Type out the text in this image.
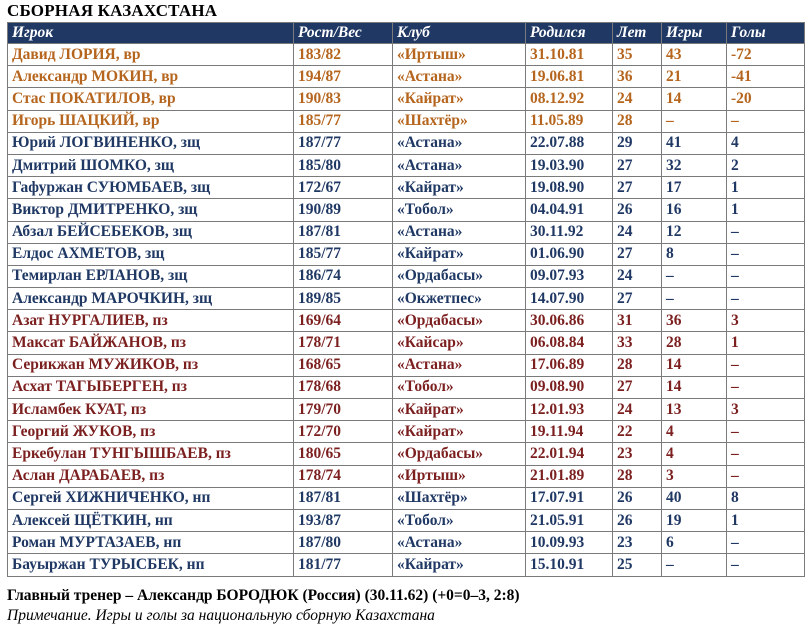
СБОРНАЯ КАЗАХСТАНА
Игрок	Рост/Вес	Клуб	Родился	Лет	Игры	Голы
Давид ЛОРИЯ, вр	183/82	«Иртыш»	31.10.81	35	43	-72
Александр МОКИН, вр	194/87	«Астана»	19.06.81	36	21	-41
Стас ПОКАТИЛОВ, вр	190/83	«Кайрат»	08.12.92	24	14	-20
Игорь ШАЦКИЙ, вр	185/77	«Шахтёр»	11.05.89	28	–	–
Юрий ЛОГВИНЕНКО, зщ	187/77	«Астана»	22.07.88	29	41	4
Дмитрий ШОМКО, зщ	185/80	«Астана»	19.03.90	27	32	2
Гафуржан СУЮМБАЕВ, зщ	172/67	«Кайрат»	19.08.90	27	17	1
Виктор ДМИТРЕНКО, зщ	190/89	«Тобол»	04.04.91	26	16	1
Абзал БЕЙСЕБЕКОВ, зщ	187/81	«Астана»	30.11.92	24	12	–
Елдос АХМЕТОВ, зщ	185/77	«Кайрат»	01.06.90	27	8	–
Темирлан ЕРЛАНОВ, зщ	186/74	«Ордабасы»	09.07.93	24	–	–
Александр МАРОЧКИН, зщ	189/85	«Окжетпес»	14.07.90	27	–	–
Азат НУРГАЛИЕВ, пз	169/64	«Ордабасы»	30.06.86	31	36	3
Максат БАЙЖАНОВ, пз	178/71	«Кайсар»	06.08.84	33	28	1
Серикжан МУЖИКОВ, пз	168/65	«Астана»	17.06.89	28	14	–
Асхат ТАГЫБЕРГЕН, пз	178/68	«Тобол»	09.08.90	27	14	–
Исламбек КУАТ, пз	179/70	«Кайрат»	12.01.93	24	13	3
Георгий ЖУКОВ, пз	172/70	«Кайрат»	19.11.94	22	4	–
Еркебулан ТУНГЫШБАЕВ, пз	180/65	«Ордабасы»	22.01.94	23	4	–
Аслан ДАРАБАЕВ, пз	178/74	«Иртыш»	21.01.89	28	3	–
Сергей ХИЖНИЧЕНКО, нп	187/81	«Шахтёр»	17.07.91	26	40	8
Алексей ЩЁТКИН, нп	193/87	«Тобол»	21.05.91	26	19	1
Роман МУРТАЗАЕВ, нп	187/80	«Астана»	10.09.93	23	6	–
Бауыржан ТУРЫСБЕК, нп	181/77	«Кайрат»	15.10.91	25	–	–
Главный тренер – Александр БОРОДЮК (Россия) (30.11.62) (+0=0–3, 2:8)
Примечание. Игры и голы за национальную сборную Казахстана
